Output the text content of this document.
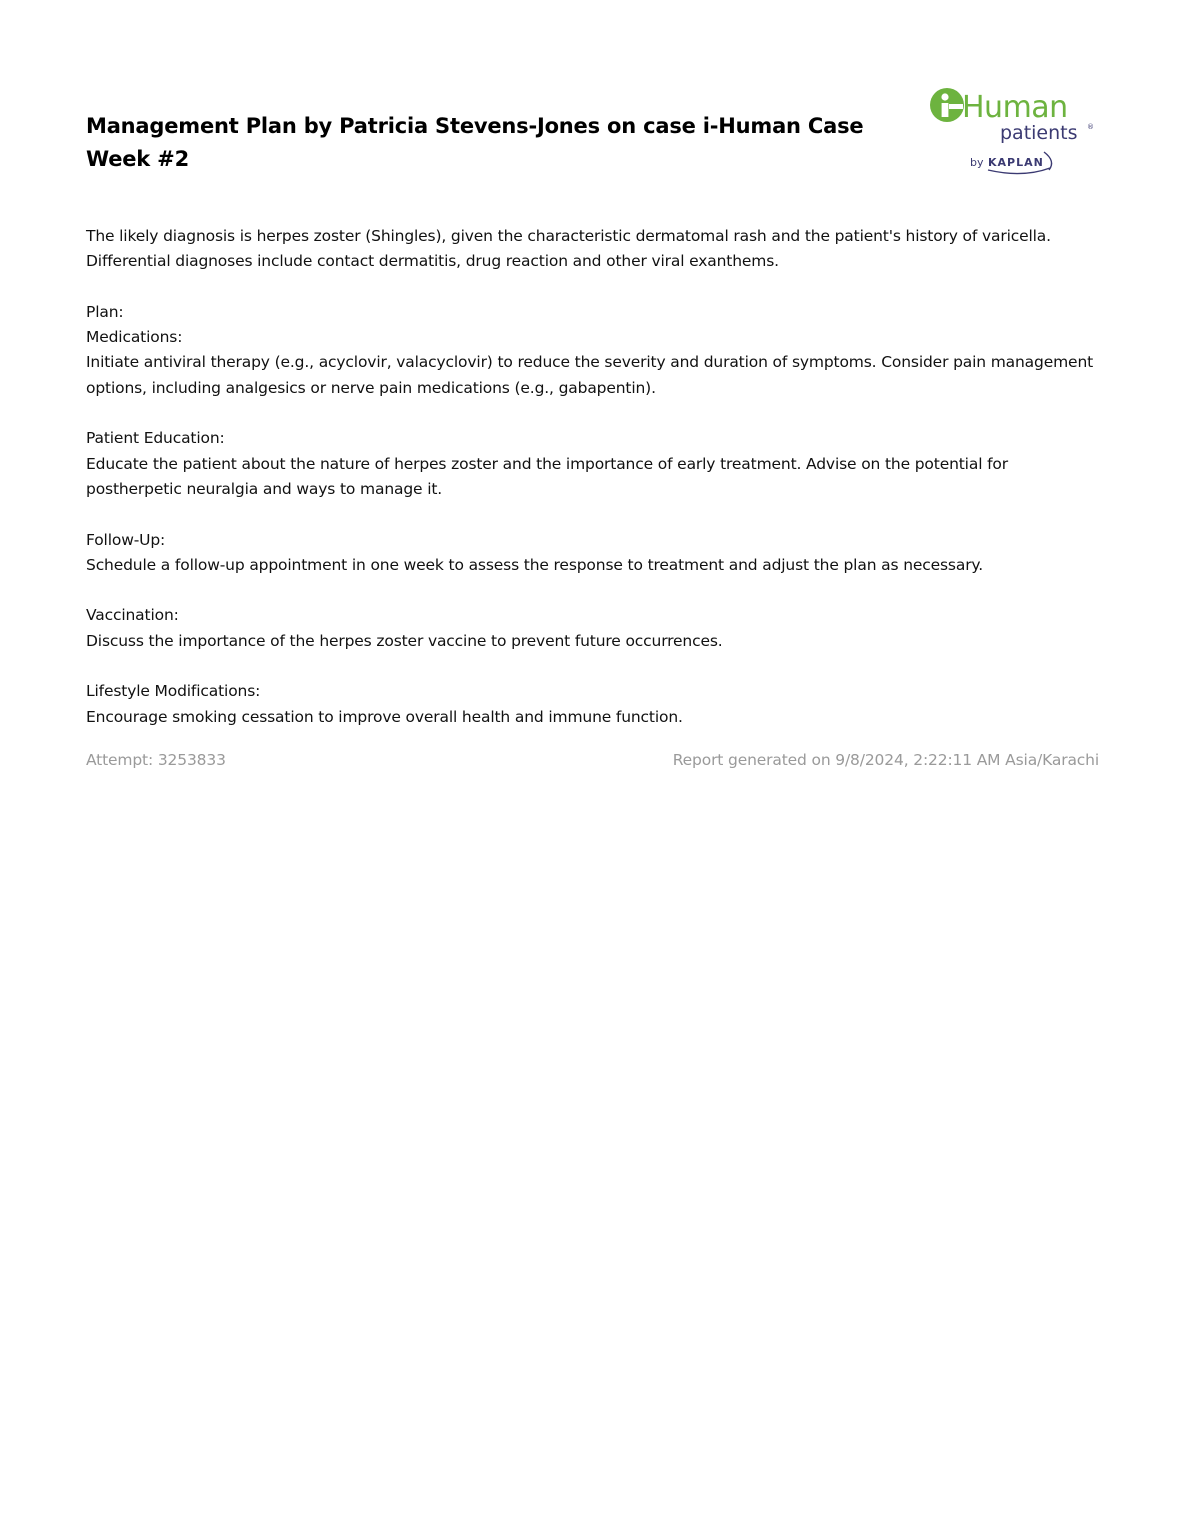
Management Plan by Patricia Stevens-Jones on case i-Human Case Week #2
Human
patients ®
by KAPLAN

The likely diagnosis is herpes zoster (Shingles), given the characteristic dermatomal rash and the patient's history of varicella. Differential diagnoses include contact dermatitis, drug reaction and other viral exanthems.

Plan:

Medications:

Initiate antiviral therapy (e.g., acyclovir, valacyclovir) to reduce the severity and duration of symptoms. Consider pain management options, including analgesics or nerve pain medications (e.g., gabapentin).

Patient Education:

Educate the patient about the nature of herpes zoster and the importance of early treatment. Advise on the potential for postherpetic neuralgia and ways to manage it.

Follow-Up:

Schedule a follow-up appointment in one week to assess the response to treatment and adjust the plan as necessary.

Vaccination:

Discuss the importance of the herpes zoster vaccine to prevent future occurrences.

Lifestyle Modifications:

Encourage smoking cessation to improve overall health and immune function.

Attempt: 3253833	Report generated on 9/8/2024, 2:22:11 AM Asia/Karachi
